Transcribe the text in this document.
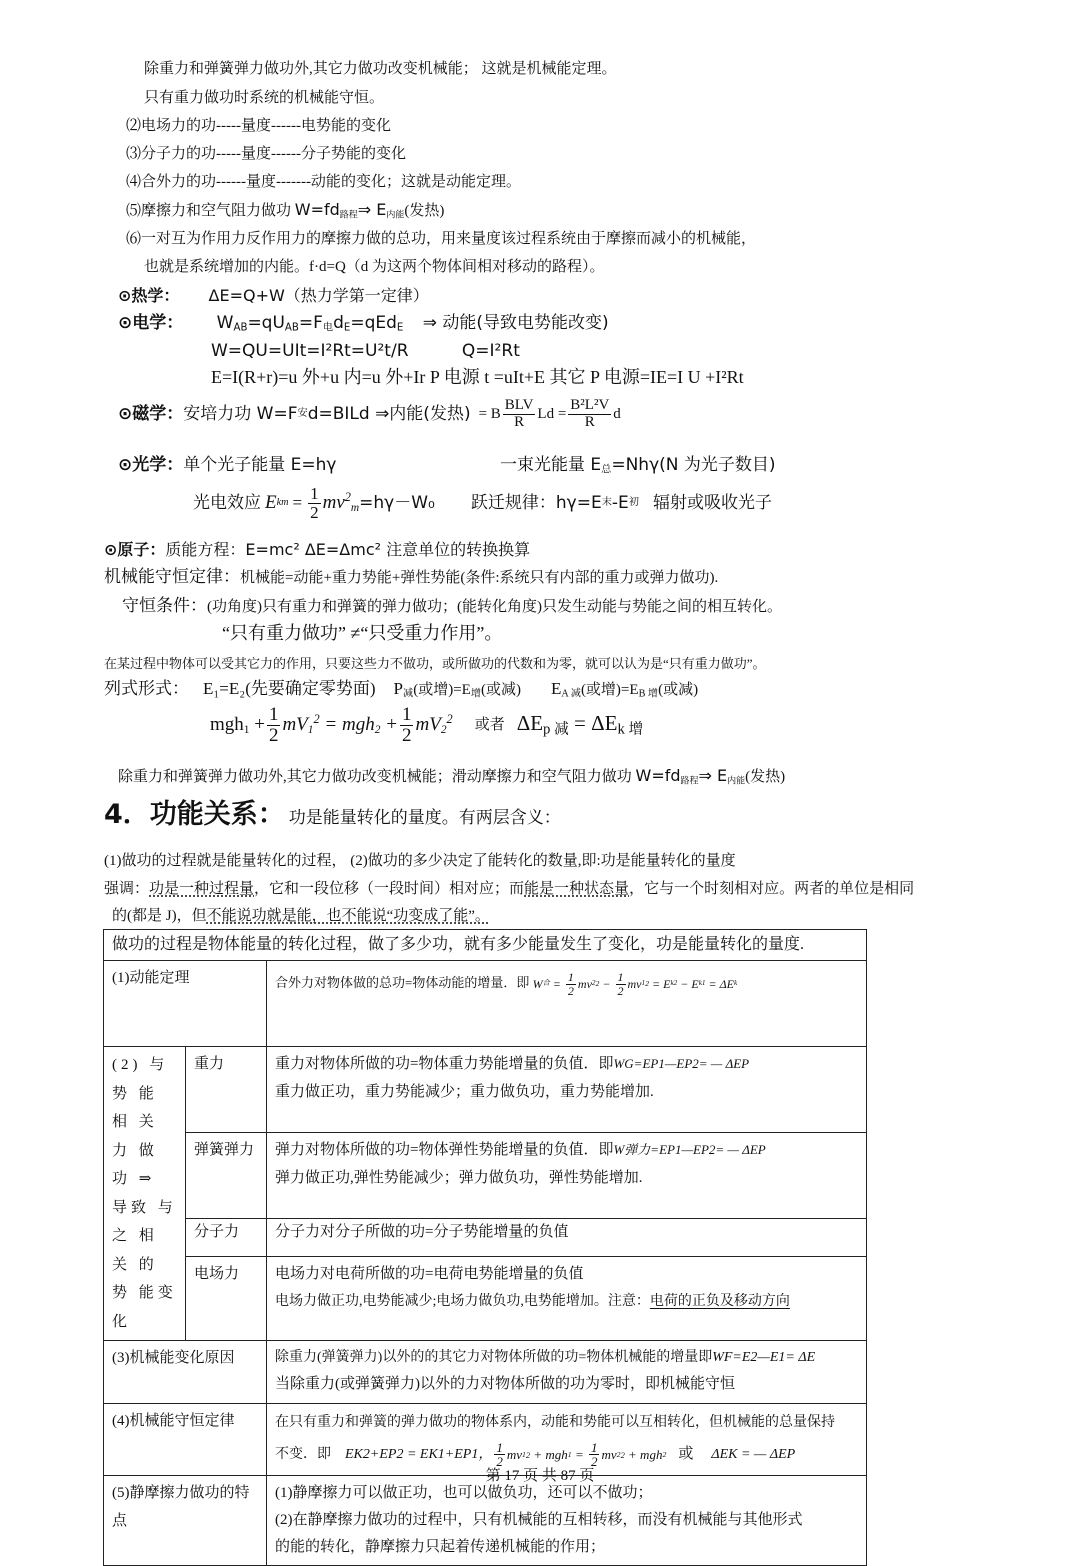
除重力和弹簧弹力做功外,其它力做功改变机械能； 这就是机械能定理。
只有重力做功时系统的机械能守恒。
⑵电场力的功-----量度------电势能的变化
⑶分子力的功-----量度------分子势能的变化
⑷合外力的功------量度-------动能的变化；这就是动能定理。
⑸摩擦力和空气阻力做功 W=fd路程⇒ E内能(发热)
⑹一对互为作用力反作用力的摩擦力做的总功，用来量度该过程系统由于摩擦而减小的机械能，
也就是系统增加的内能。f·d=Q（d 为这两个物体间相对移动的路程）。
⊙热学： ΔE=Q+W（热力学第一定律）
⊙电学： $W_{AB}=qU_{AB}=F_电d_E=qEd_E$ ⇒ 动能(导致电势能改变)
W=QU=UIt=I²Rt=U²t/R	Q=I²Rt
E=I(R+r)=u 外+u 内=u 外+Ir P 电源 t =uIt+E 其它 P 电源=IE=I U +I²Rt
⊙磁学： 安培力功 W=F 安 d=BILd ⇒内能(发热) = B $\frac{\text{BLV}}{R}$ $Ld = \frac{\text{B²L²V}}{R}$ d
⊙光学：单个光子能量 E=hγ	一束光能量 $E_总=Nh\gamma(N$ 为光子数目)
光电效应 E km = $\frac{1}{2} mv^2_m =h\gamma-W_0$ 跃迁规律：hγ=E 末 -E 初 辐射或吸收光子
⊙原子：质能方程：E=mc² ΔE=Δmc² 注意单位的转换换算
机械能守恒定律：机械能=动能+重力势能+弹性势能(条件:系统只有内部的重力或弹力做功).
守恒条件：(功角度)只有重力和弹簧的弹力做功；(能转化角度)只发生动能与势能之间的相互转化。
“只有重力做功” ≠“只受重力作用”。
在某过程中物体可以受其它力的作用，只要这些力不做功，或所做功的代数和为零，就可以认为是“只有重力做功”。
列式形式： E₁=E₂(先要确定零势面) $P_减$(或增)$=E_增$(或减) $E_{A 减}$(或增)$=E_{B 增}$(或减)
$mgh_1 + \frac{1}{2} mV_1^2 = mgh_2 + \frac{1}{2} mV_2^2$ 或者 $\Delta E_{p 减} = \Delta E_{k 增}$
除重力和弹簧弹力做功外,其它力做功改变机械能；滑动摩擦力和空气阻力做功 W=fd路程⇒ E内能(发热)
4．功能关系： 功是能量转化的量度。有两层含义：
(1)做功的过程就是能量转化的过程， (2)做功的多少决定了能转化的数量,即:功是能量转化的量度
强调：功是一种过程量，它和一段位移（一段时间）相对应；而能是一种状态量，它与一个时刻相对应。两者的单位是相同
的(都是 J)，但不能说功就是能，也不能说“功变成了能”。
做功的过程是物体能量的转化过程，做了多少功，就有多少能量发生了变化，功是能量转化的量度.		
(1)动能定理	合外力对物体做的总功=物体动能的增量．即 W 合 = $\frac{1}{2}$ mv 2 $2 - \frac{1}{2}$ mv 1 2 = E k2 − E k1 = ΔE k

(2) 与 势 能 相 关 力 做 功 ⇒ 导致 与 之 相 关 的 势 能变化	重力	重力对物体所做的功=物体重力势能增量的负值．即WG=EP1—EP2= — ΔEP
重力做正功，重力势能减少；重力做负功，重力势能增加.

	弹簧弹力	弹力对物体所做的功=物体弹性势能增量的负值．即W弹力=EP1—EP2= — ΔEP
弹力做正功,弹性势能减少；弹力做负功，弹性势能增加.

	分子力	分子力对分子所做的功=分子势能增量的负值
	电场力	电场力对电荷所做的功=电荷电势能增量的负值
电场力做正功,电势能减少;电场力做负功,电势能增加。注意：电荷的正负及移动方向

(3)机械能变化原因		除重力(弹簧弹力)以外的的其它力对物体所做的功=物体机械能的增量即WF=E2—E1= ΔE
当除重力(或弹簧弹力)以外的力对物体所做的功为零时，即机械能守恒

(4)机械能守恒定律	在只有重力和弹簧的弹力做功的物体系内，动能和势能可以互相转化，但机械能的总量保持
不变．即 EK2+EP2 = EK1+EP1， $\frac{1}{2}$ mv 1 2 + mgh $1 = \frac{1}{2}$ mv 2 2 + mgh 2 或 ΔEK = — ΔEP

(5)静摩擦力做功的特点		(1)静摩擦力可以做正功，也可以做负功，还可以不做功；
(2)在静摩擦力做功的过程中，只有机械能的互相转移，而没有机械能与其他形式
的能的转化，静摩擦力只起着传递机械能的作用；
第 17 页 共 87 页
